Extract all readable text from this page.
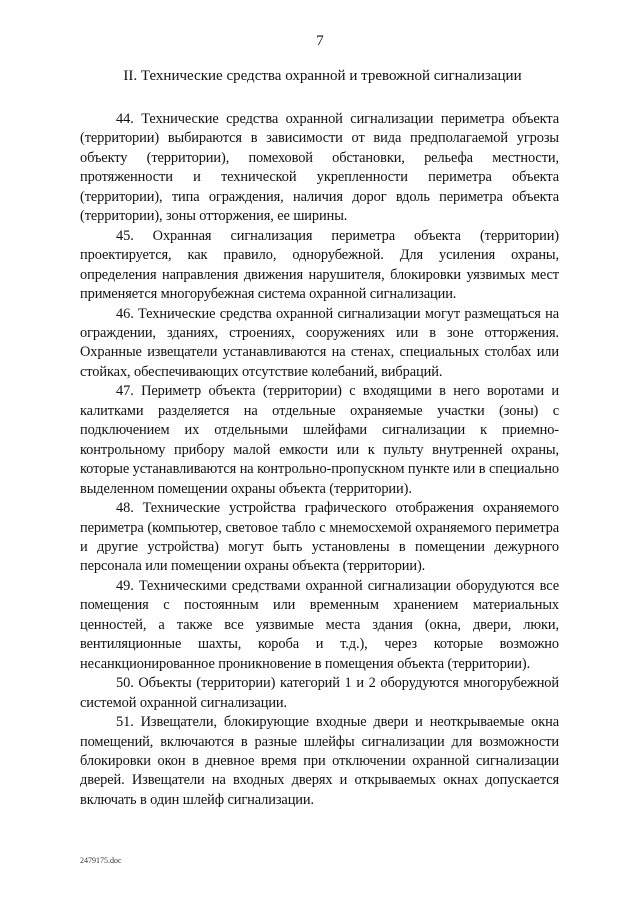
7
II. Технические средства охранной и тревожной сигнализации

44. Технические средства охранной сигнализации периметра объекта (территории) выбираются в зависимости от вида предполагаемой угрозы объекту (территории), помеховой обстановки, рельефа местности, протяженности и технической укрепленности периметра объекта (территории), типа ограждения, наличия дорог вдоль периметра объекта (территории), зоны отторжения, ее ширины.

45. Охранная сигнализация периметра объекта (территории) проектируется, как правило, однорубежной. Для усиления охраны, определения направления движения нарушителя, блокировки уязвимых мест применяется многорубежная система охранной сигнализации.

46. Технические средства охранной сигнализации могут размещаться на ограждении, зданиях, строениях, сооружениях или в зоне отторжения. Охранные извещатели устанавливаются на стенах, специальных столбах или стойках, обеспечивающих отсутствие колебаний, вибраций.

47. Периметр объекта (территории) с входящими в него воротами и калитками разделяется на отдельные охраняемые участки (зоны) с подключением их отдельными шлейфами сигнализации к приемно-контрольному прибору малой емкости или к пульту внутренней охраны, которые устанавливаются на контрольно-пропускном пункте или в специально выделенном помещении охраны объекта (территории).

48. Технические устройства графического отображения охраняемого периметра (компьютер, световое табло с мнемосхемой охраняемого периметра и другие устройства) могут быть установлены в помещении дежурного персонала или помещении охраны объекта (территории).

49. Техническими средствами охранной сигнализации оборудуются все помещения с постоянным или временным хранением материальных ценностей, а также все уязвимые места здания (окна, двери, люки, вентиляционные шахты, короба и т.д.), через которые возможно несанкционированное проникновение в помещения объекта (территории).

50. Объекты (территории) категорий 1 и 2 оборудуются многорубежной системой охранной сигнализации.

51. Извещатели, блокирующие входные двери и неоткрываемые окна помещений, включаются в разные шлейфы сигнализации для возможности блокировки окон в дневное время при отключении охранной сигнализации дверей. Извещатели на входных дверях и открываемых окнах допускается включать в один шлейф сигнализации.

2479175.doc
